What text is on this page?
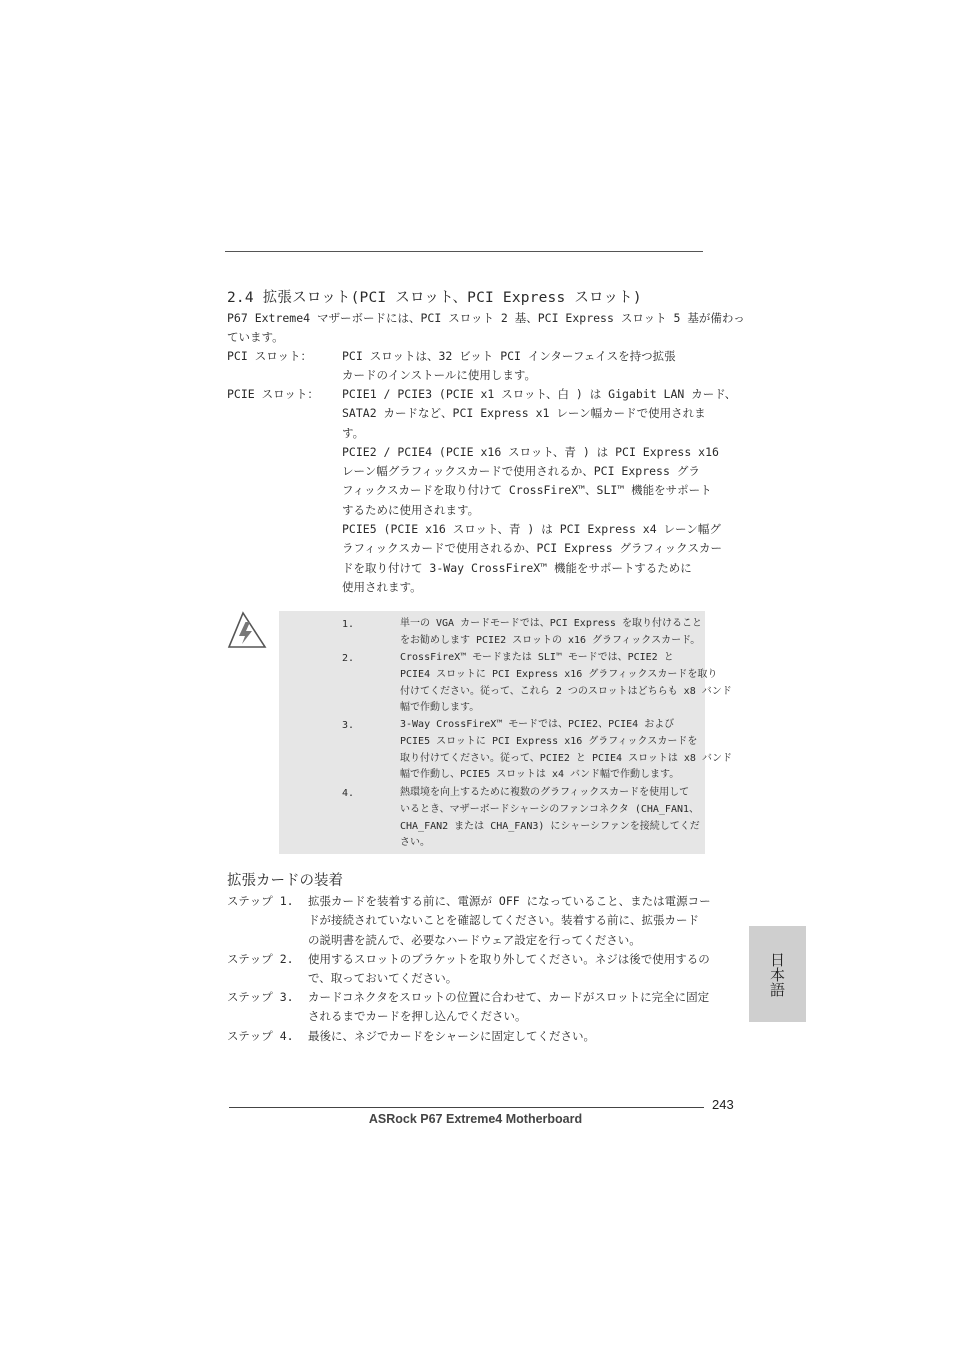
2.4 拡張スロット(PCI スロット、PCI Express スロット)
P67 Extreme4 マザーボードには、PCI スロット 2 基、PCI Express スロット 5 基が備わっ
ています。
PCI スロット：	PCI スロットは、32 ビット PCI インターフェイスを持つ拡張
カードのインストールに使用します。
PCIE スロット： PCIE1 / PCIE3 (PCIE x1 スロット、白 ) は Gigabit LAN カード、
SATA2 カードなど、PCI Express x1 レーン幅カードで使用されま
す。
PCIE2 / PCIE4 (PCIE x16 スロット、青 ) は PCI Express x16
レーン幅グラフィックスカードで使用されるか、PCI Express グラ
フィックスカードを取り付けて CrossFireX™、SLI™ 機能をサポート
するために使用されます。
PCIE5 (PCIE x16 スロット、青 ) は PCI Express x4 レーン幅グ
ラフィックスカードで使用されるか、PCI Express グラフィックスカー
ドを取り付けて 3-Way CrossFireX™ 機能をサポートするために
使用されます。
1.	単一の VGA カードモードでは、PCI Express を取り付けること
をお勧めします PCIE2 スロットの x16 グラフィックスカード。
2.	CrossFireX™ モードまたは SLI™ モードでは、PCIE2 と
PCIE4 スロットに PCI Express x16 グラフィックスカードを取り
付けてください。従って、これら 2 つのスロットはどちらも x8 バンド
幅で作動します。
3.	3-Way CrossFireX™ モードでは、PCIE2、PCIE4 および
PCIE5 スロットに PCI Express x16 グラフィックスカードを
取り付けてください。従って、PCIE2 と PCIE4 スロットは x8 バンド
幅で作動し、PCIE5 スロットは x4 バンド幅で作動します。
4.	熱環境を向上するために複数のグラフィックスカードを使用して
いるとき、マザーボードシャーシのファンコネクタ (CHA_FAN1、
CHA_FAN2 または CHA_FAN3) にシャーシファンを接続してくだ
さい。
拡張カードの装着
ステップ 1. 拡張カードを装着する前に、電源が OFF になっていること、または電源コー
ドが接続されていないことを確認してください。装着する前に、拡張カード
の説明書を読んで、必要なハードウェア設定を行ってください。
ステップ 2. 使用するスロットのブラケットを取り外してください。ネジは後で使用するの
で、取っておいてください。
ステップ 3. カードコネクタをスロットの位置に合わせて、カードがスロットに完全に固定
されるまでカードを押し込んでください。
ステップ 4. 最後に、ネジでカードをシャーシに固定してください。
日本語
243
ASRock P67 Extreme4 Motherboard
